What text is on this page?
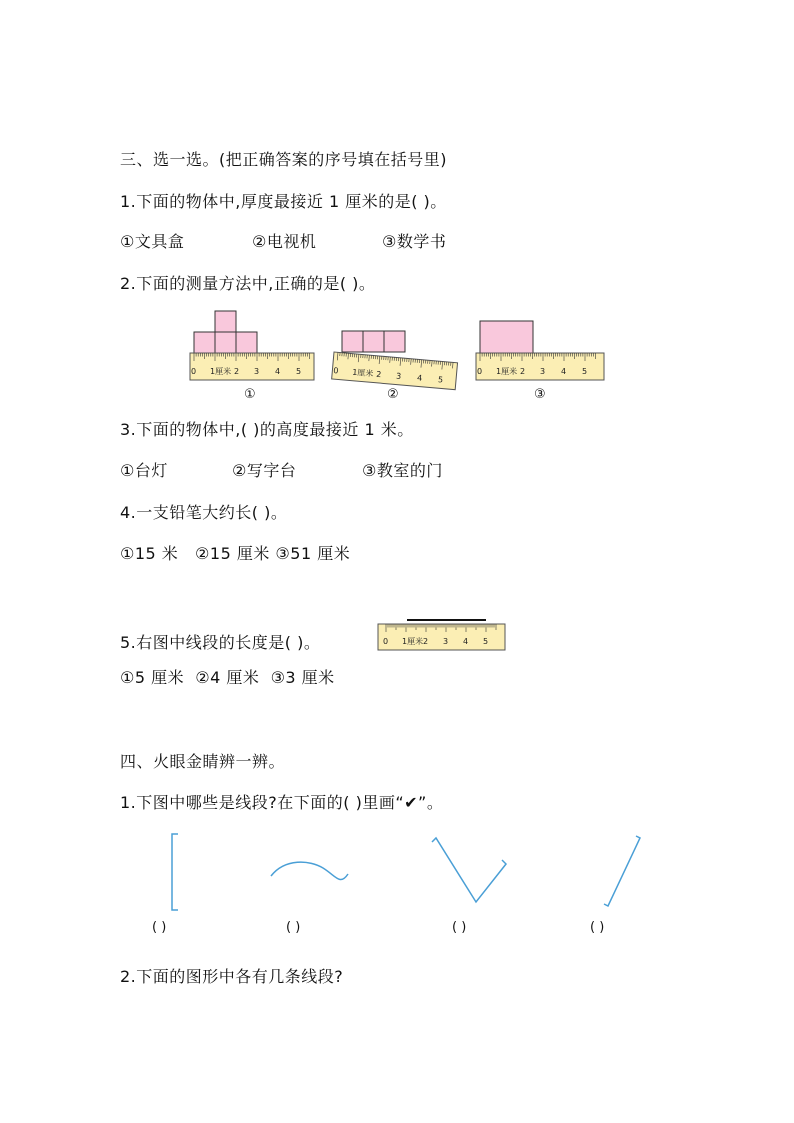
三、选一选。(把正确答案的序号填在括号里)
1.下面的物体中,厚度最接近 1 厘米的是( )。
①文具盒	②电视机	③数学书
2.下面的测量方法中,正确的是( )。
0 1厘米 2 3 4 5
①
0 1厘米 2 3 4 5
②
0 1厘米 2 3 4 5
③
3.下面的物体中,( )的高度最接近 1 米。
①台灯	②写字台	③教室的门
4.一支铅笔大约长( )。
①15 米   ②15 厘米 ③51 厘米
5.右图中线段的长度是( )。	0 1厘米 2 3 4 5
①5 厘米  ②4 厘米  ③3 厘米
四、火眼金睛辨一辨。
1.下图中哪些是线段?在下面的( )里画“✔”。
( )	( )	( )	( )
2.下面的图形中各有几条线段?
